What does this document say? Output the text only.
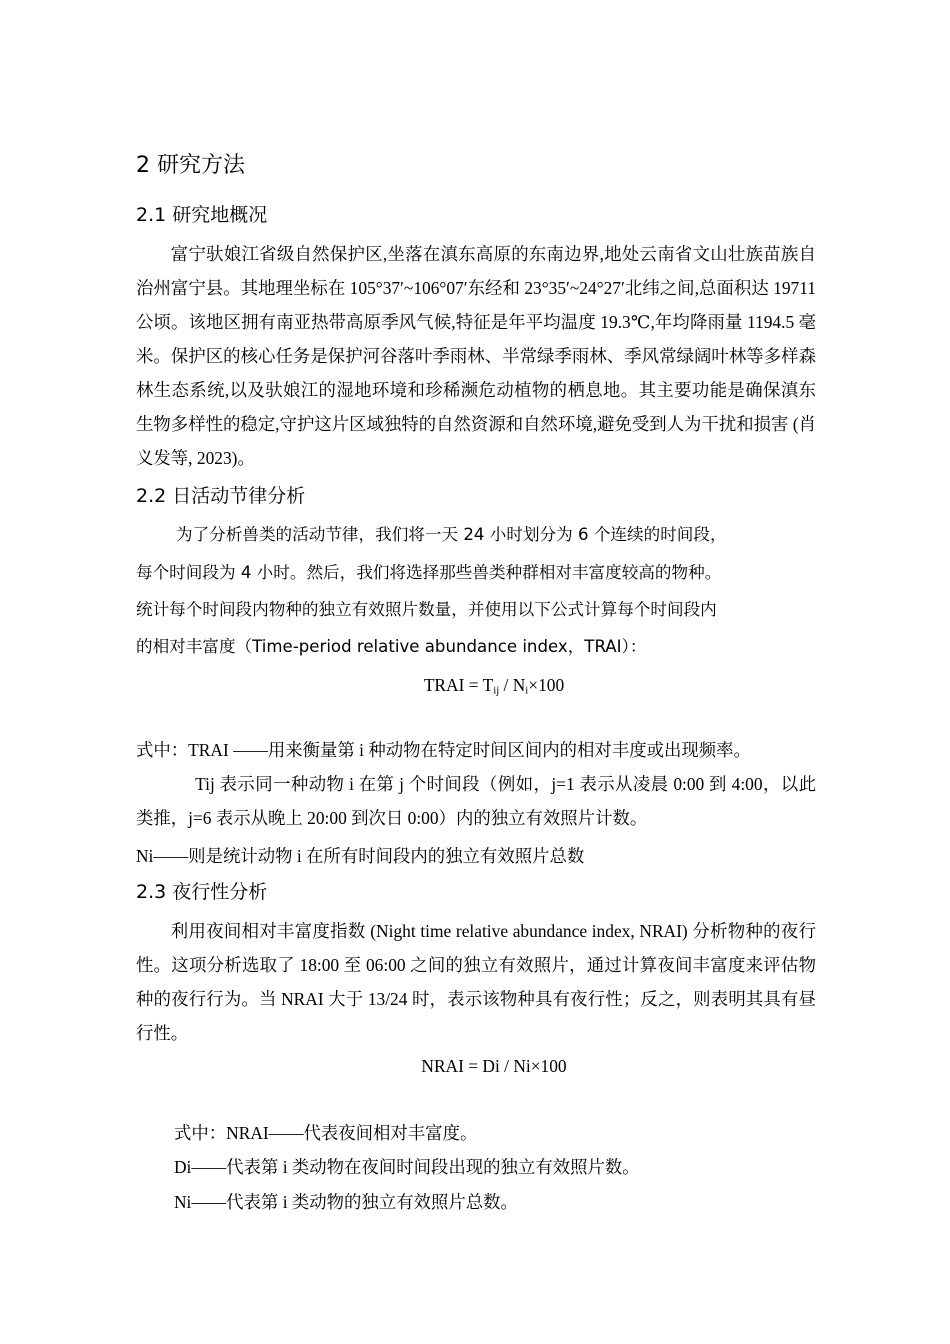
2 研究方法
2.1 研究地概况

富宁驮娘江省级自然保护区,坐落在滇东高原的东南边界,地处云南省文山壮族苗族自治州富宁县。其地理坐标在 105°37′~106°07′东经和 23°35′~24°27′北纬之间,总面积达 19711 公顷。该地区拥有南亚热带高原季风气候,特征是年平均温度 19.3℃,年均降雨量 1194.5 毫米。保护区的核心任务是保护河谷落叶季雨林、半常绿季雨林、季风常绿阔叶林等多样森林生态系统,以及驮娘江的湿地环境和珍稀濒危动植物的栖息地。其主要功能是确保滇东生物多样性的稳定,守护这片区域独特的自然资源和自然环境,避免受到人为干扰和损害 (肖义发等, 2023)。

2.2 日活动节律分析

为了分析兽类的活动节律，我们将一天 24 小时划分为 6 个连续的时间段，

每个时间段为 4 小时。然后，我们将选择那些兽类种群相对丰富度较高的物种。

统计每个时间段内物种的独立有效照片数量，并使用以下公式计算每个时间段内

的相对丰富度（Time-period relative abundance index，TRAI）：

TRAI = $T_{ij} / N_i\times 100$

式中：TRAI ——用来衡量第 i 种动物在特定时间区间内的相对丰度或出现频率。

Tij 表示同一种动物 i 在第 j 个时间段（例如，j=1 表示从凌晨 0:00 到 4:00，以此类推，j=6 表示从晚上 20:00 到次日 0:00）内的独立有效照片计数。

Ni——则是统计动物 i 在所有时间段内的独立有效照片总数

2.3 夜行性分析

利用夜间相对丰富度指数 (Night time relative abundance index, NRAI) 分析物种的夜行性。这项分析选取了 18:00 至 06:00 之间的独立有效照片，通过计算夜间丰富度来评估物种的夜行行为。当 NRAI 大于 13/24 时，表示该物种具有夜行性；反之，则表明其具有昼行性。

NRAI = Di / Ni×100

式中：NRAI——代表夜间相对丰富度。

Di——代表第 i 类动物在夜间时间段出现的独立有效照片数。

Ni——代表第 i 类动物的独立有效照片总数。
